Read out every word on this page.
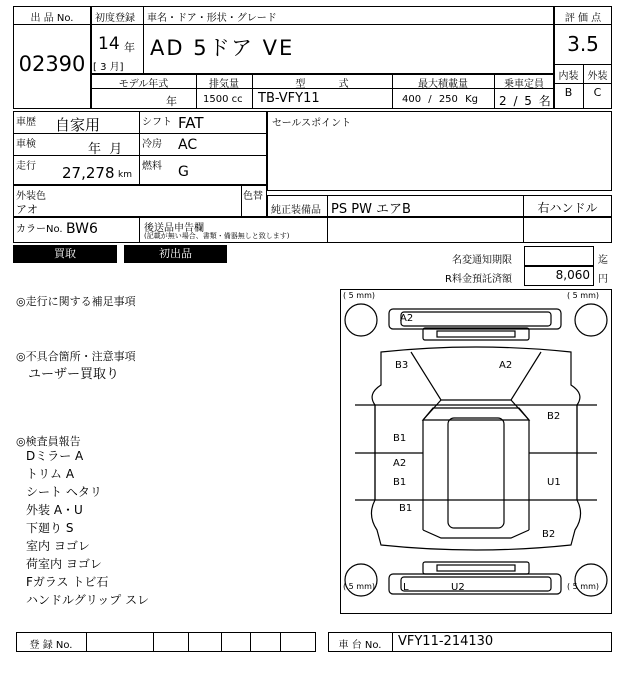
出 品 No.
02390
初度登録
14 年
[ 3 月]
車名・ドア・形状・グレード
AD 5ドア VE
評 価 点
3.5
内装 外装
B	C
モデル年式	排気量	型 式	最大積載量	乗車定員
年	1500 cc TB-VFY11	400 / 250 Kg 2 / 5 名
車歴 自家用
車検	年  月
走行 27,278 km
シフト FAT
冷房 AC
燃料 G
セールスポイント
外装色
アオ
色替
純正装備品 PS PW エアB	右ハンドル
カラーNo. BW6	後送品申告欄
(記載が無い場合、書類・備器無しと致します)
買取	初出品
名変通知期限	迄
R料金預託済額	8,060 円
◎走行に関する補足事項
◎不具合箇所・注意事項
ユーザー買取り
◎検査員報告
Dミラー A
トリム A
シート ヘタリ
外装 A・U
下廻り S
室内 ヨゴレ
荷室内 ヨゴレ
Fガラス トビ石
ハンドルグリップ スレ
( 5 mm)	( 5 mm)
( 5 mm)	( 5 mm)
A2
B3	A2
B2
B1
A2
B1	U1
B1
B2
L	U2
登 録 No.	車 台 No.	VFY11-214130
